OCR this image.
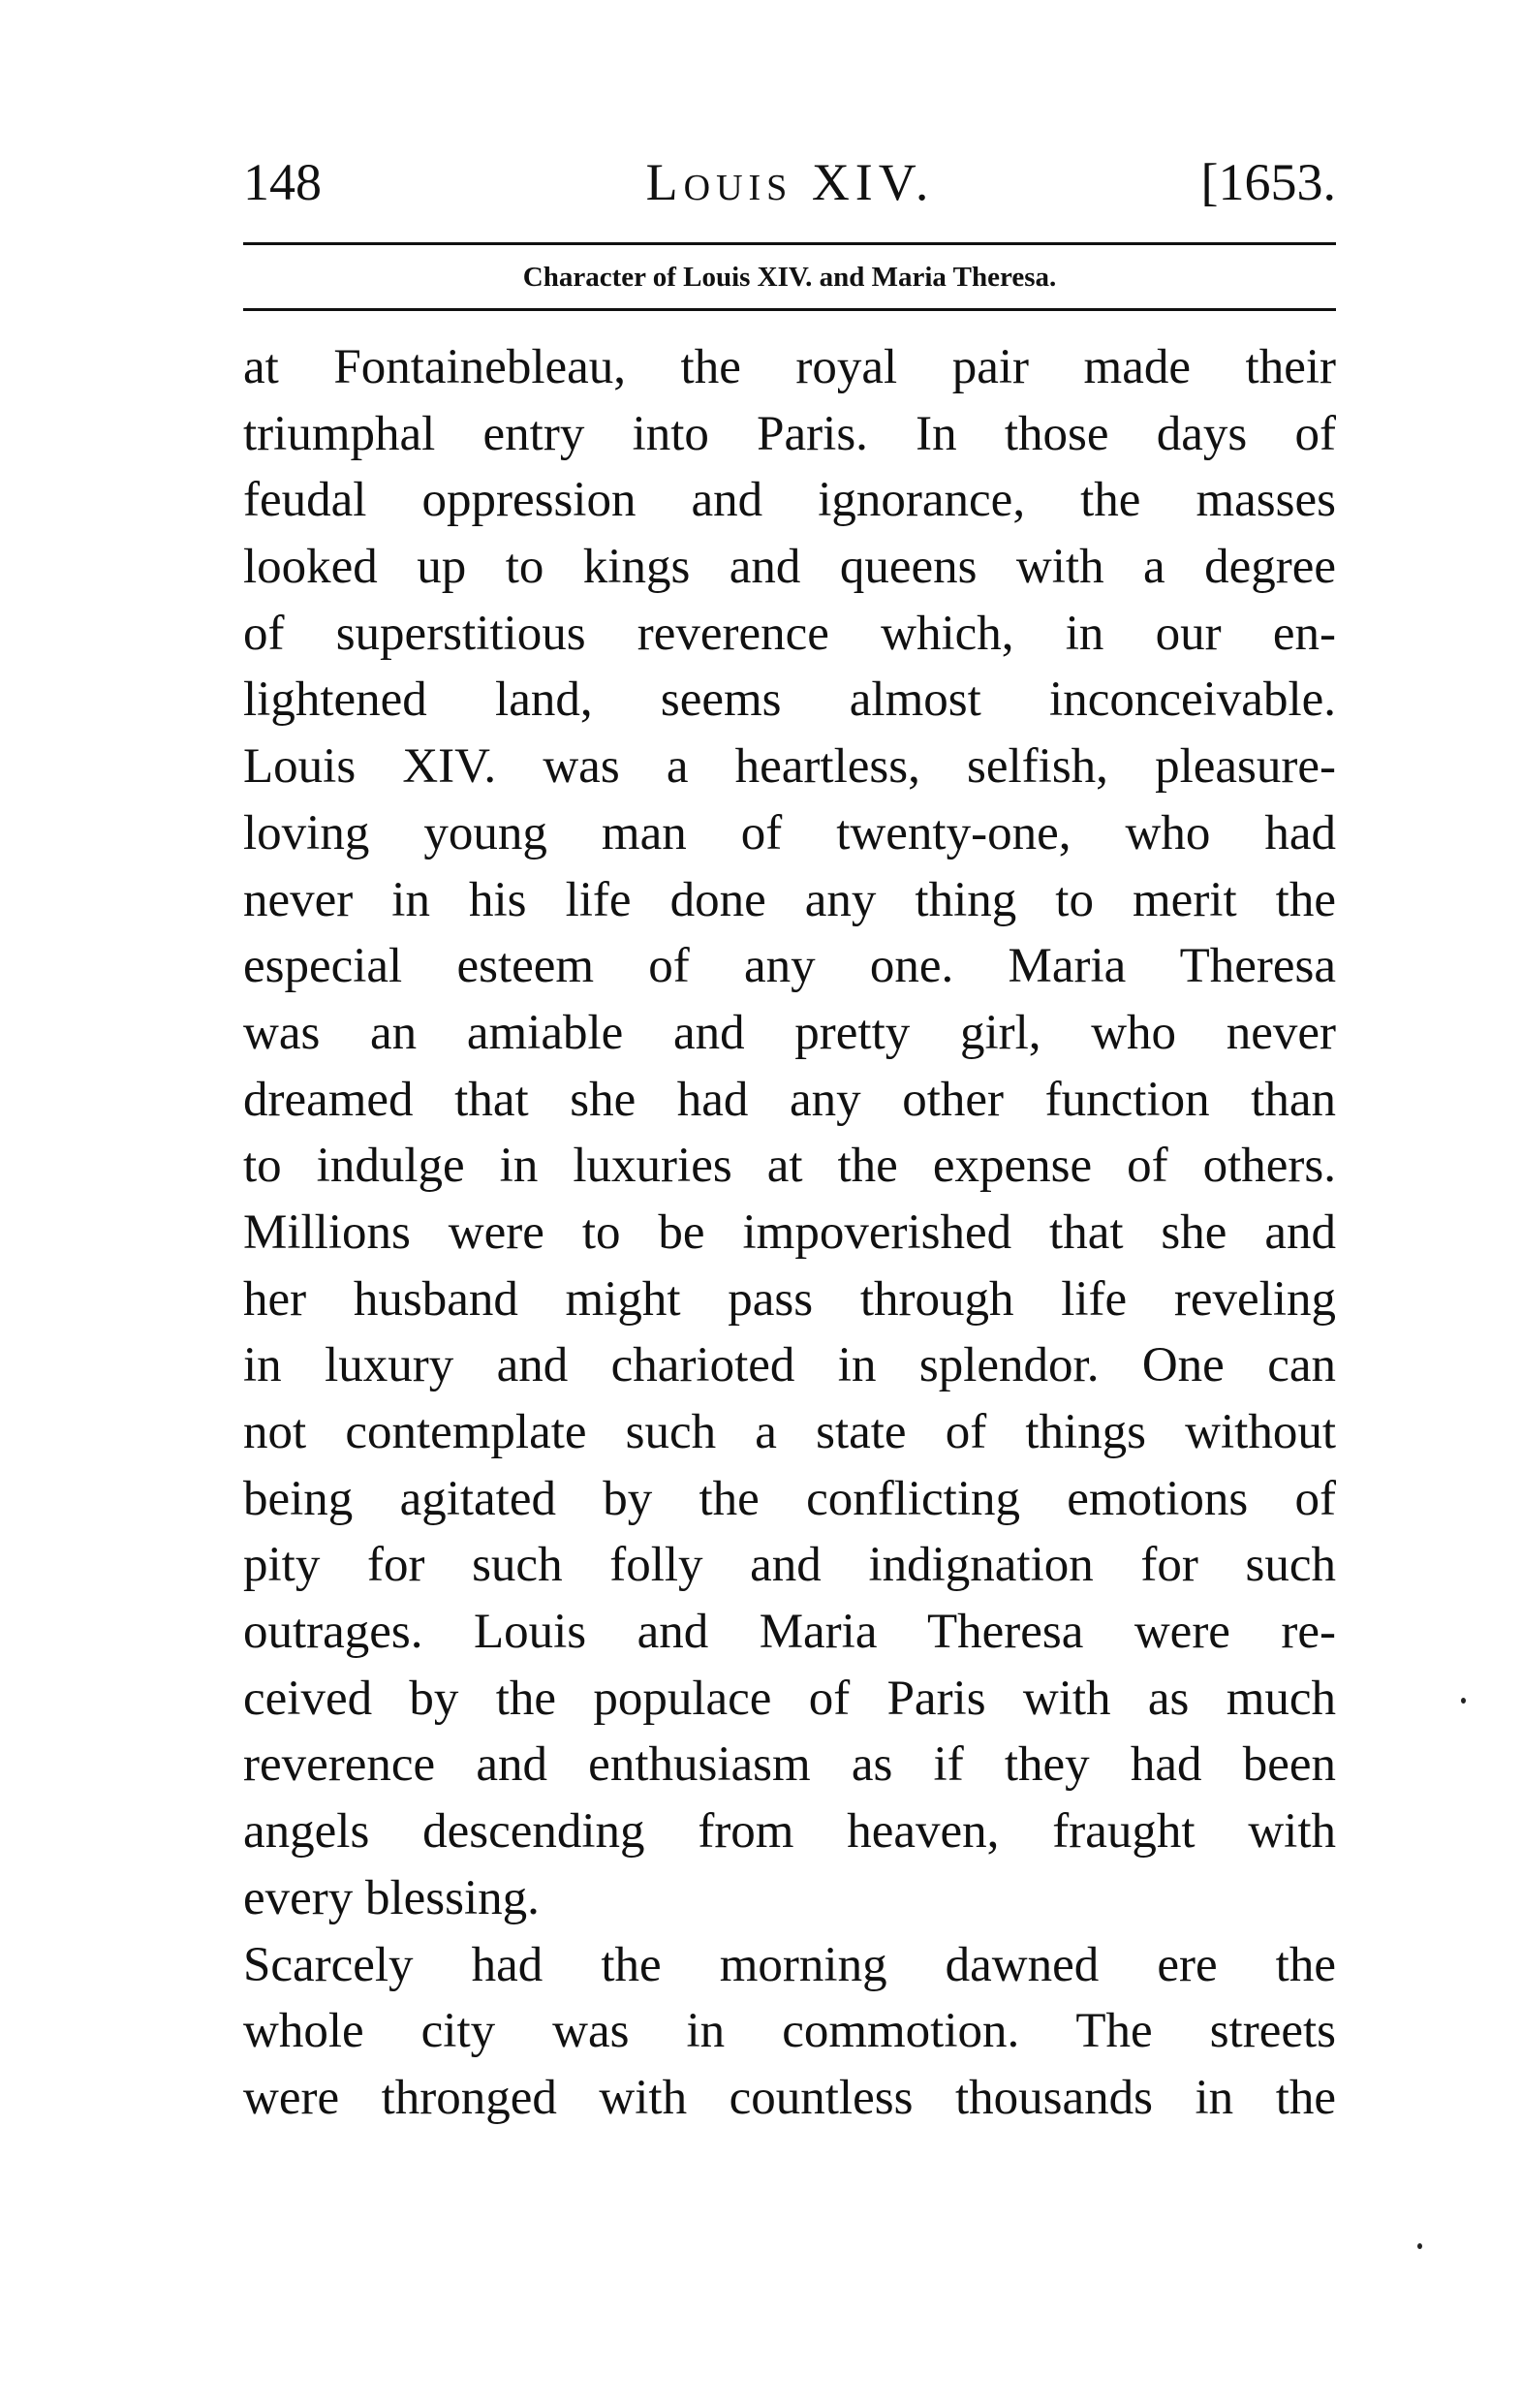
148	Louis XIV.	[1653.
Character of Louis XIV. and Maria Theresa.
at Fontainebleau, the royal pair made their
triumphal entry into Paris. In those days of
feudal oppression and ignorance, the masses
looked up to kings and queens with a degree
of superstitious reverence which, in our en-
lightened land, seems almost inconceivable.
Louis XIV. was a heartless, selfish, pleasure-
loving young man of twenty-one, who had
never in his life done any thing to merit the
especial esteem of any one. Maria Theresa
was an amiable and pretty girl, who never
dreamed that she had any other function than
to indulge in luxuries at the expense of others.
Millions were to be impoverished that she and
her husband might pass through life reveling
in luxury and charioted in splendor. One can
not contemplate such a state of things without
being agitated by the conflicting emotions of
pity for such folly and indignation for such
outrages. Louis and Maria Theresa were re-
ceived by the populace of Paris with as much
reverence and enthusiasm as if they had been
angels descending from heaven, fraught with
every blessing.
Scarcely had the morning dawned ere the
whole city was in commotion. The streets
were thronged with countless thousands in the
